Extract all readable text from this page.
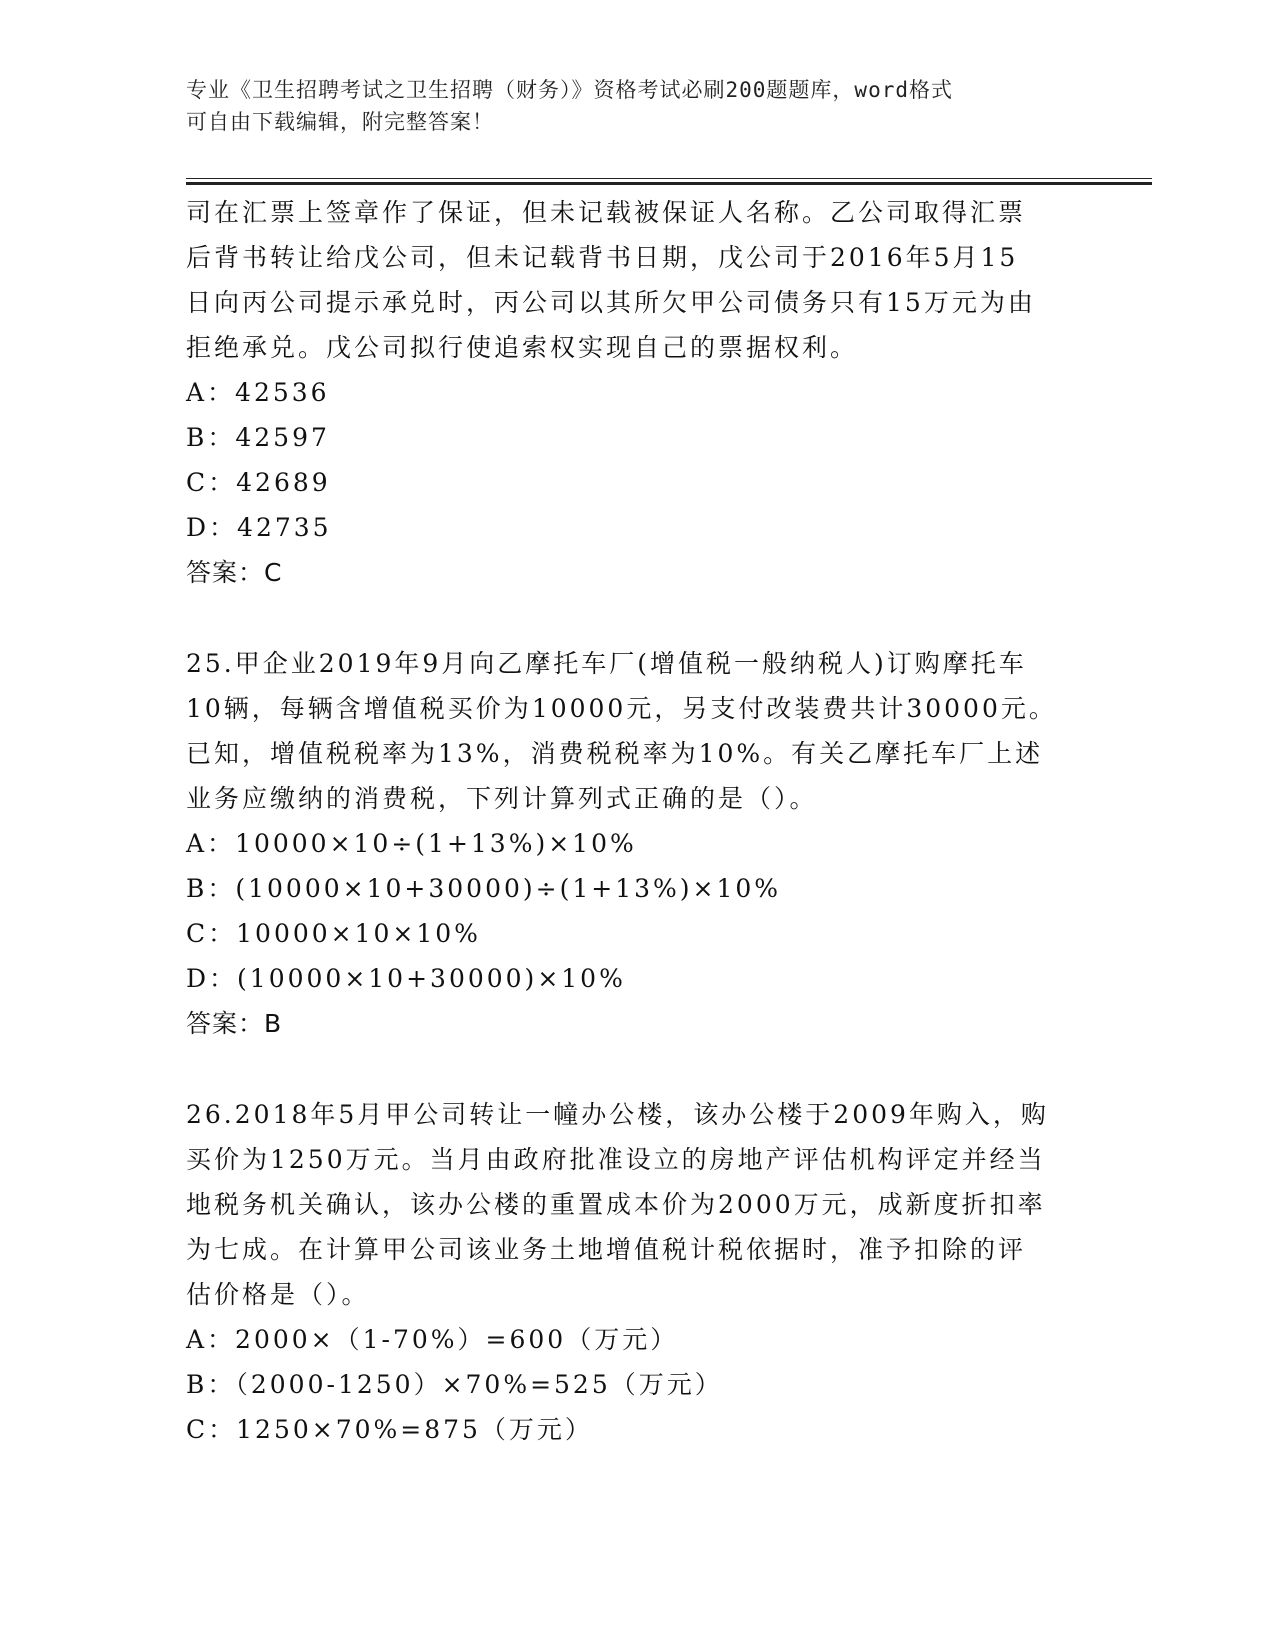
专业《卫生招聘考试之卫生招聘（财务）》资格考试必刷200题题库，word格式
可自由下载编辑，附完整答案！

司在汇票上签章作了保证，但未记载被保证人名称。乙公司取得汇票

后背书转让给戊公司，但未记载背书日期，戊公司于2016年5月15

日向丙公司提示承兑时，丙公司以其所欠甲公司债务只有15万元为由

拒绝承兑。戊公司拟行使追索权实现自己的票据权利。

A：42536

B：42597

C：42689

D：42735

答案：C

25.甲企业2019年9月向乙摩托车厂(增值税一般纳税人)订购摩托车

10辆，每辆含增值税买价为10000元，另支付改装费共计30000元。

已知，增值税税率为13%，消费税税率为10%。有关乙摩托车厂上述

业务应缴纳的消费税，下列计算列式正确的是（）。

A：10000×10÷(1+13%)×10%

B：(10000×10+30000)÷(1+13%)×10%

C：10000×10×10%

D：(10000×10+30000)×10%

答案：B

26.2018年5月甲公司转让一幢办公楼，该办公楼于2009年购入，购

买价为1250万元。当月由政府批准设立的房地产评估机构评定并经当

地税务机关确认，该办公楼的重置成本价为2000万元，成新度折扣率

为七成。在计算甲公司该业务土地增值税计税依据时，准予扣除的评

估价格是（）。

A：2000×（1-70%）=600（万元）

B：（2000-1250）×70%=525（万元）

C：1250×70%=875（万元）
